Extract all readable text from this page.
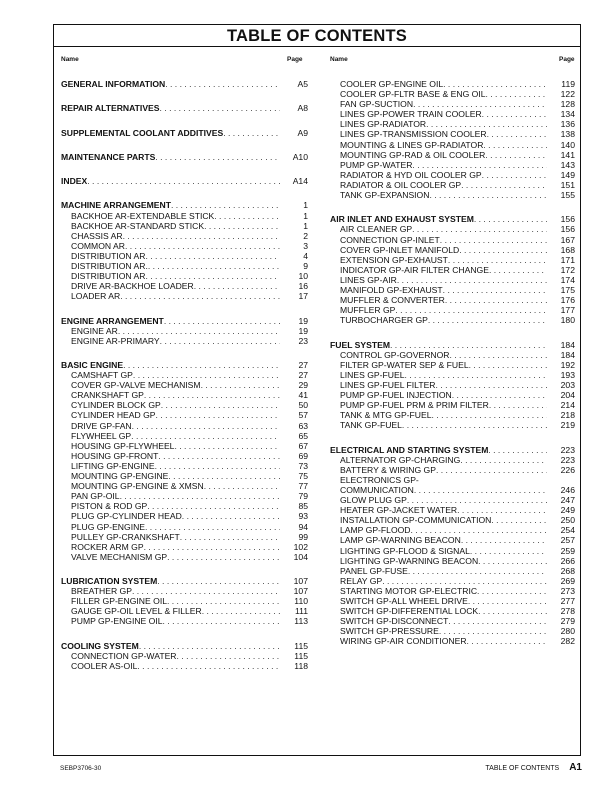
TABLE OF CONTENTS
Name	Page	Name	Page
GENERAL INFORMATION . . .	A5
REPAIR ALTERNATIVES . . .	A8
SUPPLEMENTAL COOLANT ADDITIVES . . .	A9
MAINTENANCE PARTS . . .	A10
INDEX . . .	A14
MACHINE ARRANGEMENT . . .	1
BACKHOE AR-EXTENDABLE STICK . . .	1
BACKHOE AR-STANDARD STICK . . .	1
CHASSIS AR . . .	2
COMMON AR . . .	3
DISTRIBUTION AR . . .	4
DISTRIBUTION AR. . . .	9
DISTRIBUTION AR . . .	10
DRIVE AR-BACKHOE LOADER . . .	16
LOADER AR . . .	17
ENGINE ARRANGEMENT . . .	19
ENGINE AR . . .	19
ENGINE AR-PRIMARY . . .	23
BASIC ENGINE . . .	27
CAMSHAFT GP . . .	27
COVER GP-VALVE MECHANISM . . .	29
CRANKSHAFT GP . . .	41
CYLINDER BLOCK GP . . .	50
CYLINDER HEAD GP . . .	57
DRIVE GP-FAN . . .	63
FLYWHEEL GP . . .	65
HOUSING GP-FLYWHEEL . . .	67
HOUSING GP-FRONT . . .	69
LIFTING GP-ENGINE . . .	73
MOUNTING GP-ENGINE . . .	75
MOUNTING GP-ENGINE & XMSN . . .	77
PAN GP-OIL . . .	79
PISTON & ROD GP . . .	85
PLUG GP-CYLINDER HEAD . . .	93
PLUG GP-ENGINE . . .	94
PULLEY GP-CRANKSHAFT . . .	99
ROCKER ARM GP . . .	102
VALVE MECHANISM GP . . .	104
LUBRICATION SYSTEM . . .	107
BREATHER GP . . .	107
FILLER GP-ENGINE OIL . . .	110
GAUGE GP-OIL LEVEL & FILLER . . .	111
PUMP GP-ENGINE OIL . . .	113
COOLING SYSTEM . . .	115
CONNECTION GP-WATER . . .	115
COOLER AS-OIL . . .	118
COOLER GP-ENGINE OIL . . .	119
COOLER GP-FLTR BASE & ENG OIL . . .	122
FAN GP-SUCTION . . .	128
LINES GP-POWER TRAIN COOLER . . .	134
LINES GP-RADIATOR . . .	136
LINES GP-TRANSMISSION COOLER . . .	138
MOUNTING & LINES GP-RADIATOR . . .	140
MOUNTING GP-RAD & OIL COOLER . . .	141
PUMP GP-WATER . . .	143
RADIATOR & HYD OIL COOLER GP . . .	149
RADIATOR & OIL COOLER GP . . .	151
TANK GP-EXPANSION . . .	155
AIR INLET AND EXHAUST SYSTEM . . .	156
AIR CLEANER GP . . .	156
CONNECTION GP-INLET . . .	167
COVER GP-INLET MANIFOLD . . .	168
EXTENSION GP-EXHAUST . . .	171
INDICATOR GP-AIR FILTER CHANGE . . .	172
LINES GP-AIR . . .	174
MANIFOLD GP-EXHAUST . . .	175
MUFFLER & CONVERTER . . .	176
MUFFLER GP . . .	177
TURBOCHARGER GP . . .	180
FUEL SYSTEM . . .	184
CONTROL GP-GOVERNOR . . .	184
FILTER GP-WATER SEP & FUEL . . .	192
LINES GP-FUEL . . .	193
LINES GP-FUEL FILTER . . .	203
PUMP GP-FUEL INJECTION . . .	204
PUMP GP-FUEL PRM & PRIM FILTER . . .	214
TANK & MTG GP-FUEL . . .	218
TANK GP-FUEL . . .	219
ELECTRICAL AND STARTING SYSTEM . . .	223
ALTERNATOR GP-CHARGING . . .	223
BATTERY & WIRING GP . . .	226
ELECTRONICS GP-
COMMUNICATION . . .	246
GLOW PLUG GP . . .	247
HEATER GP-JACKET WATER . . .	249
INSTALLATION GP-COMMUNICATION . . .	250
LAMP GP-FLOOD . . .	254
LAMP GP-WARNING BEACON . . .	257
LIGHTING GP-FLOOD & SIGNAL . . .	259
LIGHTING GP-WARNING BEACON . . .	266
PANEL GP-FUSE . . .	268
RELAY GP . . .	269
STARTING MOTOR GP-ELECTRIC . . .	273
SWITCH GP-ALL WHEEL DRIVE . . .	277
SWITCH GP-DIFFERENTIAL LOCK . . .	278
SWITCH GP-DISCONNECT . . .	279
SWITCH GP-PRESSURE . . .	280
WIRING GP-AIR CONDITIONER . . .	282
SEBP3706-30	TABLE OF CONTENTS A1
